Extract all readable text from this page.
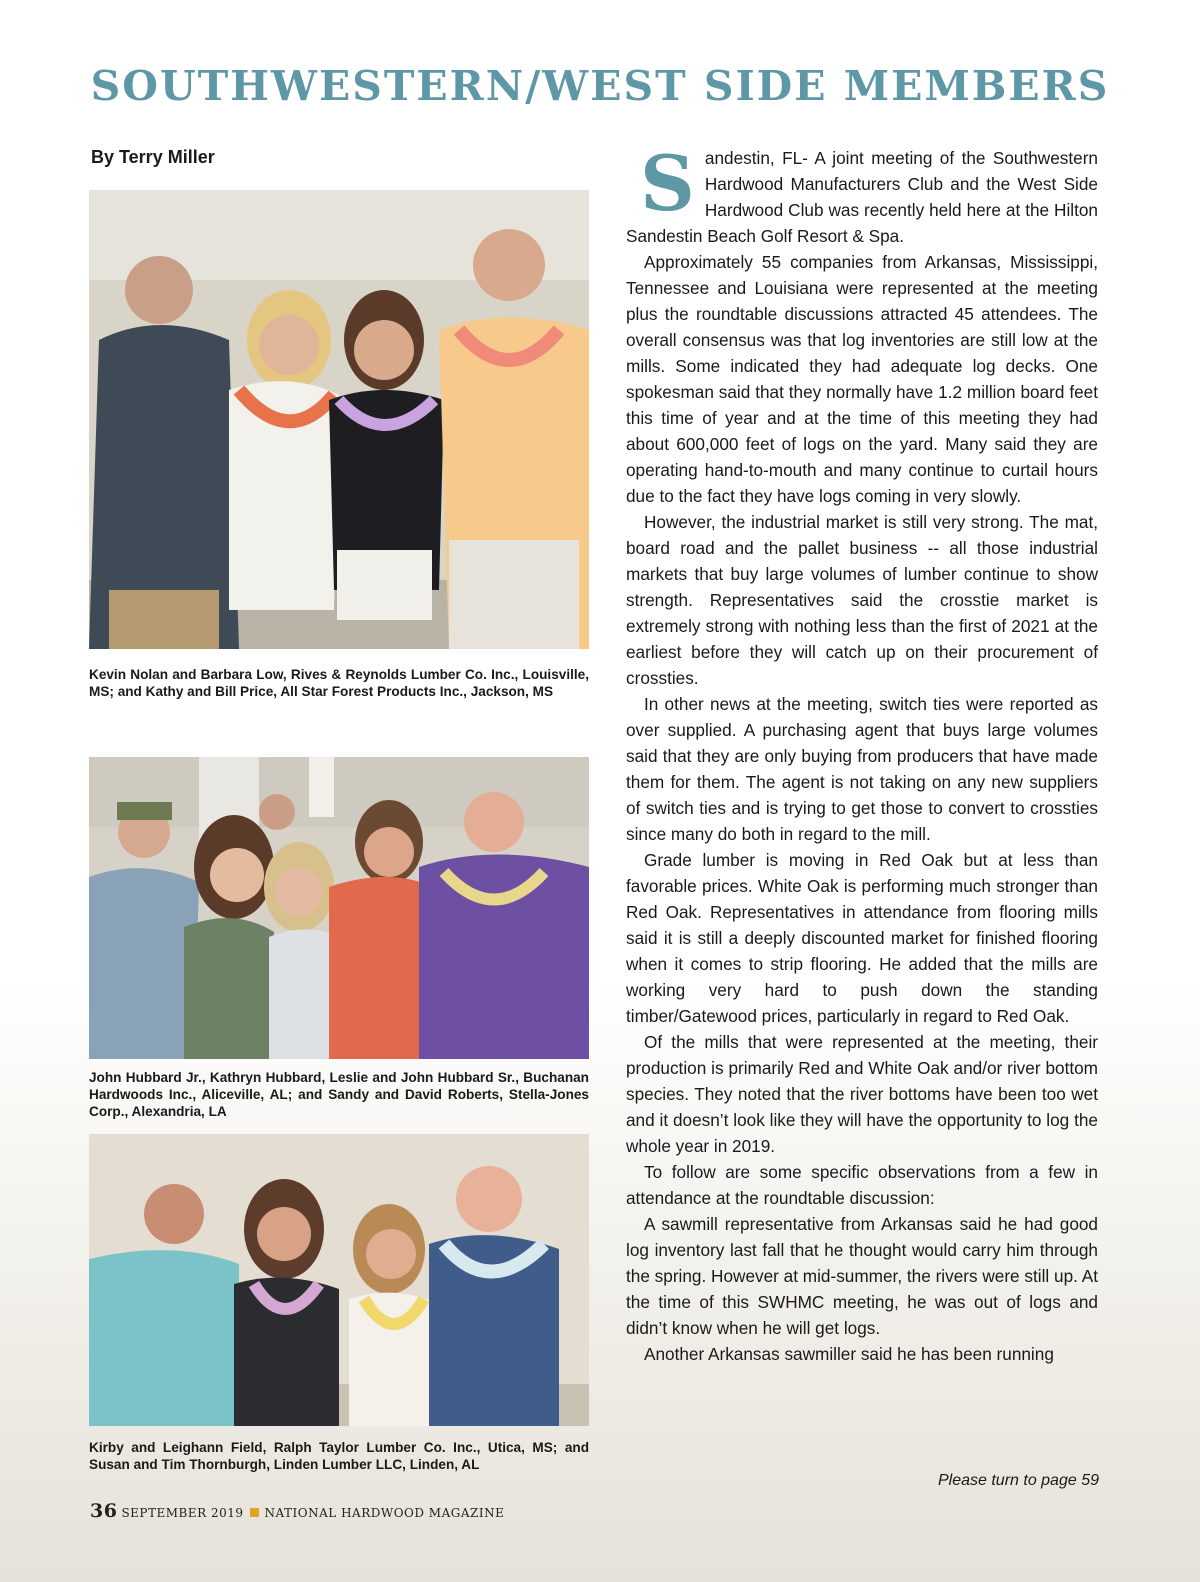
SOUTHWESTERN/WEST SIDE MEMBERS
By Terry Miller

Kevin Nolan and Barbara Low, Rives & Reynolds Lumber Co. Inc., Louisville, MS; and Kathy and Bill Price, All Star Forest Products Inc., Jackson, MS

John Hubbard Jr., Kathryn Hubbard, Leslie and John Hubbard Sr., Buchanan Hardwoods Inc., Aliceville, AL; and Sandy and David Roberts, Stella-Jones Corp., Alexandria, LA

Kirby and Leighann Field, Ralph Taylor Lumber Co. Inc., Utica, MS; and Susan and Tim Thornburgh, Linden Lumber LLC, Linden, AL

Sandestin, FL- A joint meeting of the Southwestern Hardwood Manufacturers Club and the West Side Hardwood Club was recently held here at the Hilton Sandestin Beach Golf Resort & Spa.

Approximately 55 companies from Arkansas, Mississippi, Tennessee and Louisiana were represented at the meeting plus the roundtable discussions attracted 45 attendees. The overall consensus was that log inventories are still low at the mills. Some indicated they had adequate log decks. One spokesman said that they normally have 1.2 million board feet this time of year and at the time of this meeting they had about 600,000 feet of logs on the yard. Many said they are operating hand-to-mouth and many continue to curtail hours due to the fact they have logs coming in very slowly.

However, the industrial market is still very strong. The mat, board road and the pallet business -- all those industrial markets that buy large volumes of lumber continue to show strength. Representatives said the crosstie market is extremely strong with nothing less than the first of 2021 at the earliest before they will catch up on their procurement of crossties.

In other news at the meeting, switch ties were reported as over supplied. A purchasing agent that buys large volumes said that they are only buying from producers that have made them for them. The agent is not taking on any new suppliers of switch ties and is trying to get those to convert to crossties since many do both in regard to the mill.

Grade lumber is moving in Red Oak but at less than favorable prices. White Oak is performing much stronger than Red Oak. Representatives in attendance from flooring mills said it is still a deeply discounted market for finished flooring when it comes to strip flooring. He added that the mills are working very hard to push down the standing timber/Gatewood prices, particularly in regard to Red Oak.

Of the mills that were represented at the meeting, their production is primarily Red and White Oak and/or river bottom species. They noted that the river bottoms have been too wet and it doesn’t look like they will have the opportunity to log the whole year in 2019.

To follow are some specific observations from a few in attendance at the roundtable discussion:

A sawmill representative from Arkansas said he had good log inventory last fall that he thought would carry him through the spring. However at mid-summer, the rivers were still up. At the time of this SWHMC meeting, he was out of logs and didn’t know when he will get logs.

Another Arkansas sawmiller said he has been running

Please turn to page 59
36 SEPTEMBER 2019 NATIONAL HARDWOOD MAGAZINE
